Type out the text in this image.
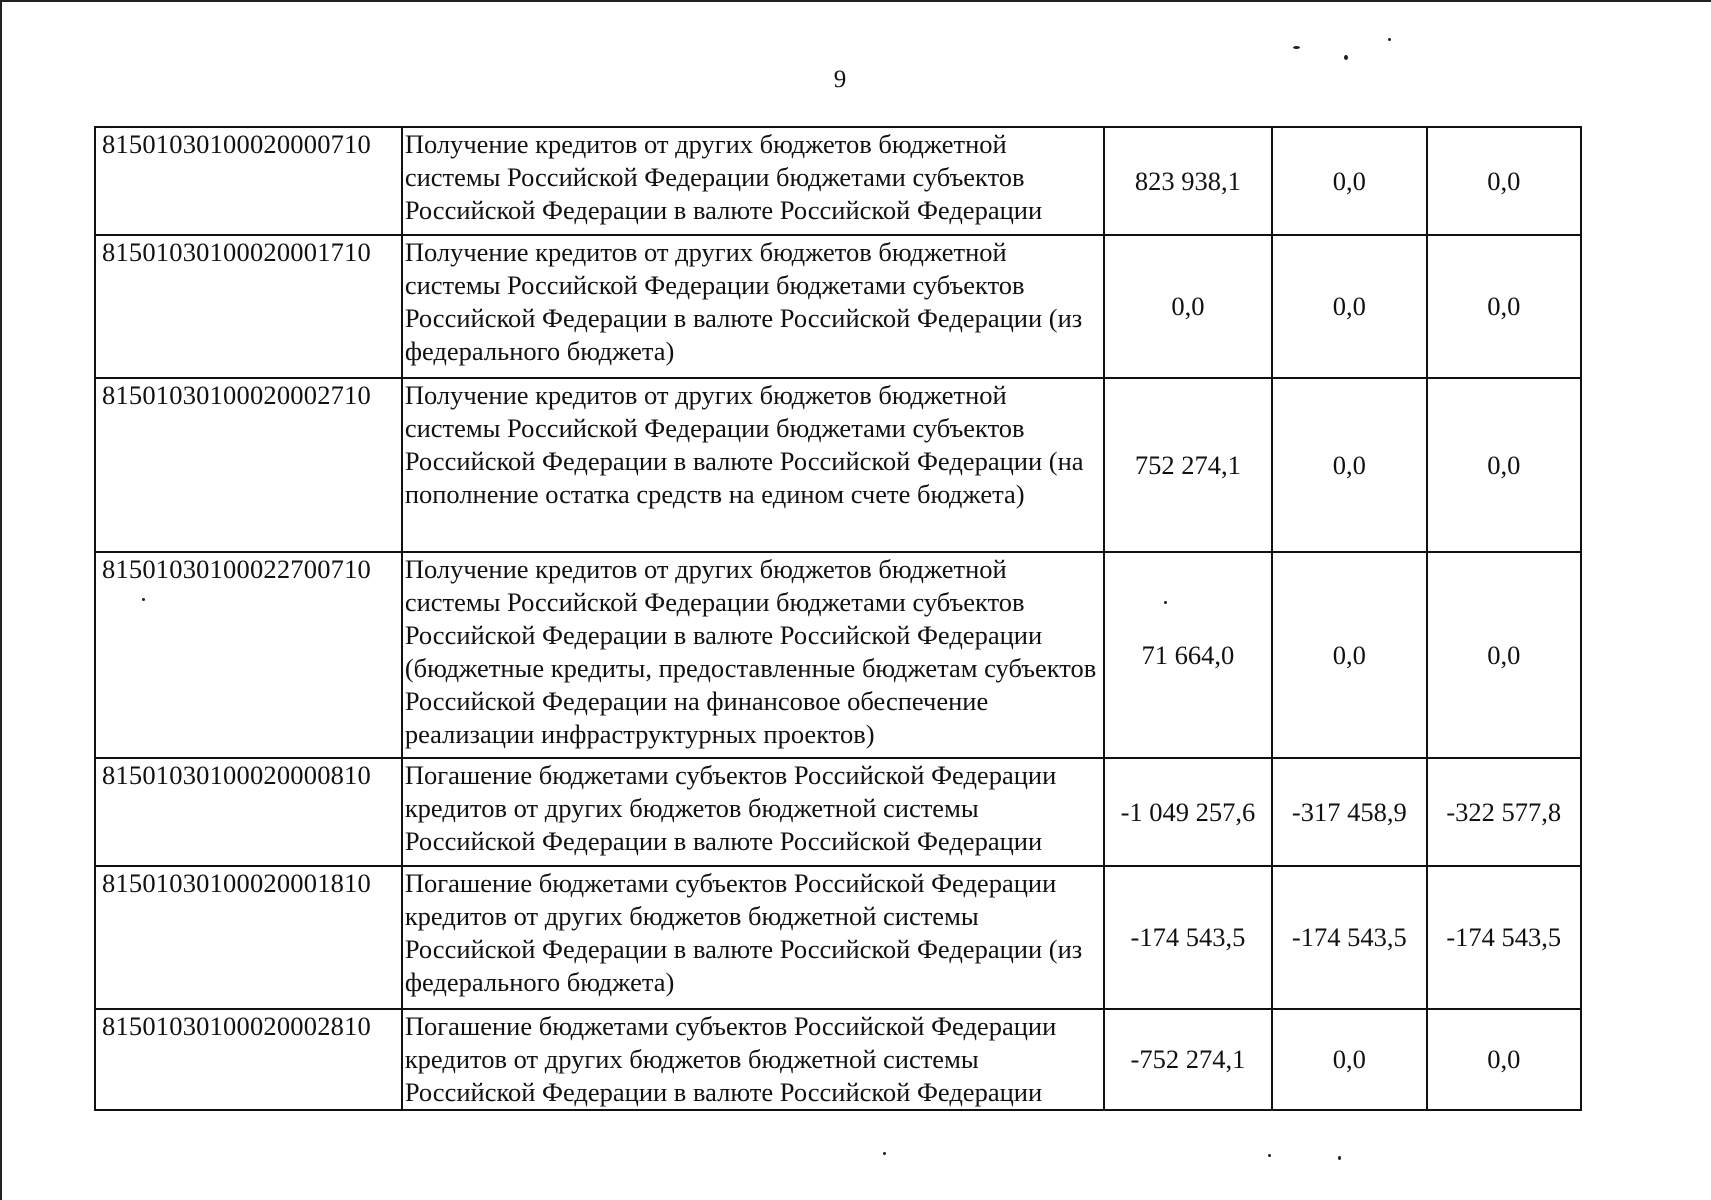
9
81501030100020000710	Получение кредитов от других бюджетов бюджетной системы Российской Федерации бюджетами субъектов Российской Федерации в валюте Российской Федерации	823 938,1	0,0	0,0
81501030100020001710	Получение кредитов от других бюджетов бюджетной системы Российской Федерации бюджетами субъектов Российской Федерации в валюте Российской Федерации (из федерального бюджета)	0,0	0,0	0,0
81501030100020002710	Получение кредитов от других бюджетов бюджетной системы Российской Федерации бюджетами субъектов Российской Федерации в валюте Российской Федерации (на пополнение остатка средств на едином счете бюджета)	752 274,1	0,0	0,0
81501030100022700710	Получение кредитов от других бюджетов бюджетной системы Российской Федерации бюджетами субъектов Российской Федерации в валюте Российской Федерации (бюджетные кредиты, предоставленные бюджетам субъектов Российской Федерации на финансовое обеспечение реализации инфраструктурных проектов)	71 664,0	0,0	0,0
81501030100020000810	Погашение бюджетами субъектов Российской Федерации кредитов от других бюджетов бюджетной системы Российской Федерации в валюте Российской Федерации	-1 049 257,6	-317 458,9	-322 577,8
81501030100020001810	Погашение бюджетами субъектов Российской Федерации кредитов от других бюджетов бюджетной системы Российской Федерации в валюте Российской Федерации (из федерального бюджета)	-174 543,5	-174 543,5	-174 543,5
81501030100020002810	Погашение бюджетами субъектов Российской Федерации кредитов от других бюджетов бюджетной системы Российской Федерации в валюте Российской Федерации	-752 274,1	0,0	0,0
